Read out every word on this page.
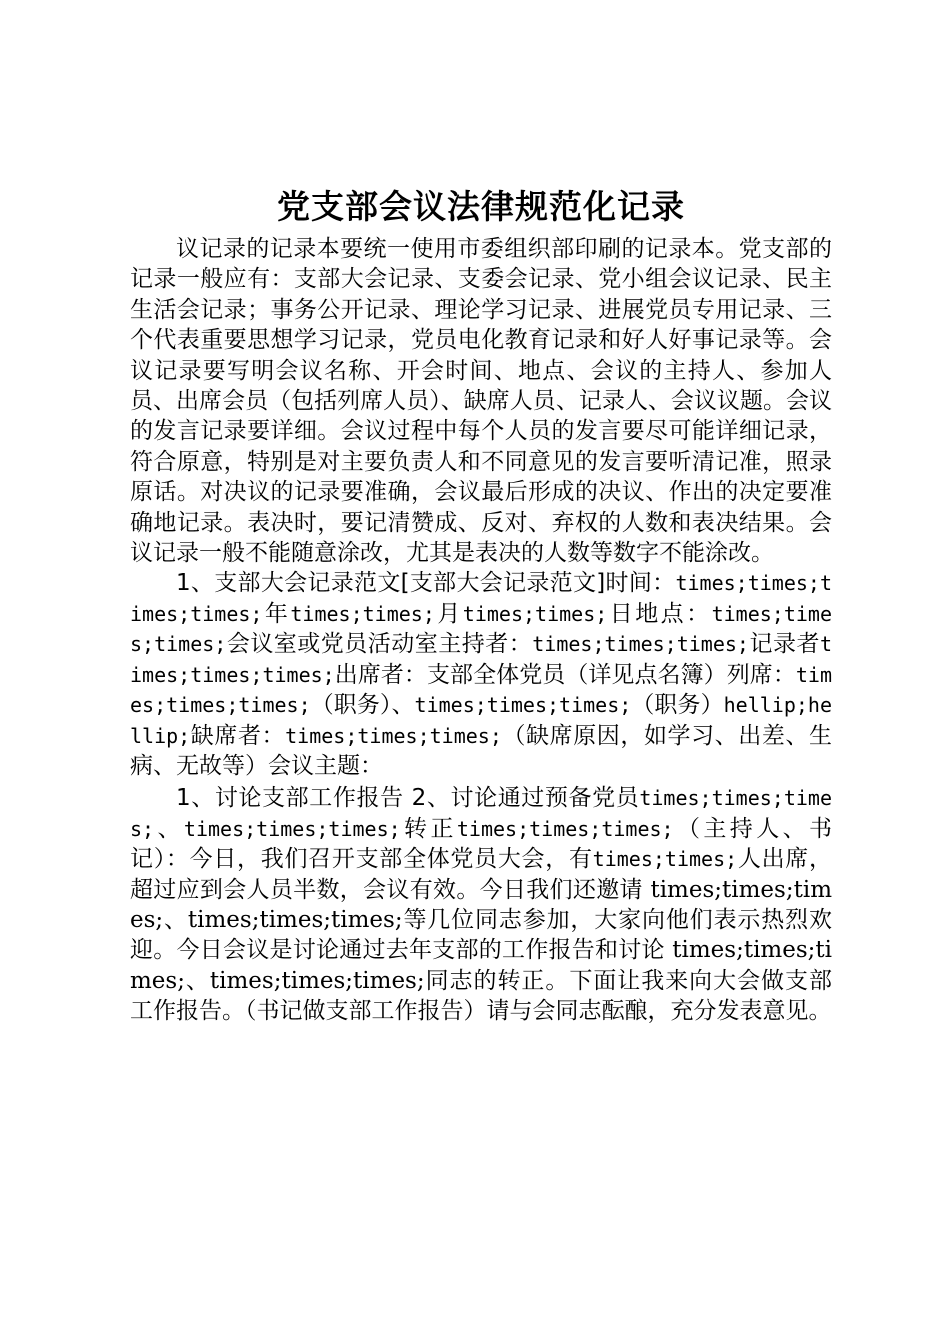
党支部会议法律规范化记录

议记录的记录本要统一使用市委组织部印刷的记录本。党支部的记录一般应有：支部大会记录、支委会记录、党小组会议记录、民主生活会记录；事务公开记录、理论学习记录、进展党员专用记录、三个代表重要思想学习记录，党员电化教育记录和好人好事记录等。会议记录要写明会议名称、开会时间、地点、会议的主持人、参加人员、出席会员（包括列席人员）、缺席人员、记录人、会议议题。会议的发言记录要详细。会议过程中每个人员的发言要尽可能详细记录，符合原意，特别是对主要负责人和不同意见的发言要听清记准，照录原话。对决议的记录要准确，会议最后形成的决议、作出的决定要准确地记录。表决时，要记清赞成、反对、弃权的人数和表决结果。会议记录一般不能随意涂改，尤其是表决的人数等数字不能涂改。

1、支部大会记录范文[支部大会记录范文]时间：times;times;times;times;年times;times;月times;times;日地点：times;times;times;会议室或党员活动室主持者：times;times;times;记录者times;times;times;出席者：支部全体党员（详见点名簿）列席：times;times;times;（职务）、times;times;times;（职务）hellip;hellip;缺席者：times;times;times;（缺席原因，如学习、出差、生病、无故等）会议主题：

1、讨论支部工作报告 2、讨论通过预备党员times;times;times;、times;times;times;转正times;times;times;（主持人、书记）：今日，我们召开支部全体党员大会，有times;times;人出席，超过应到会人员半数，会议有效。今日我们还邀请 times;times;times;、times;times;times;等几位同志参加，大家向他们表示热烈欢迎。今日会议是讨论通过去年支部的工作报告和讨论 times;times;times;、times;times;times;同志的转正。下面让我来向大会做支部工作报告。（书记做支部工作报告）请与会同志酝酿，充分发表意见。
